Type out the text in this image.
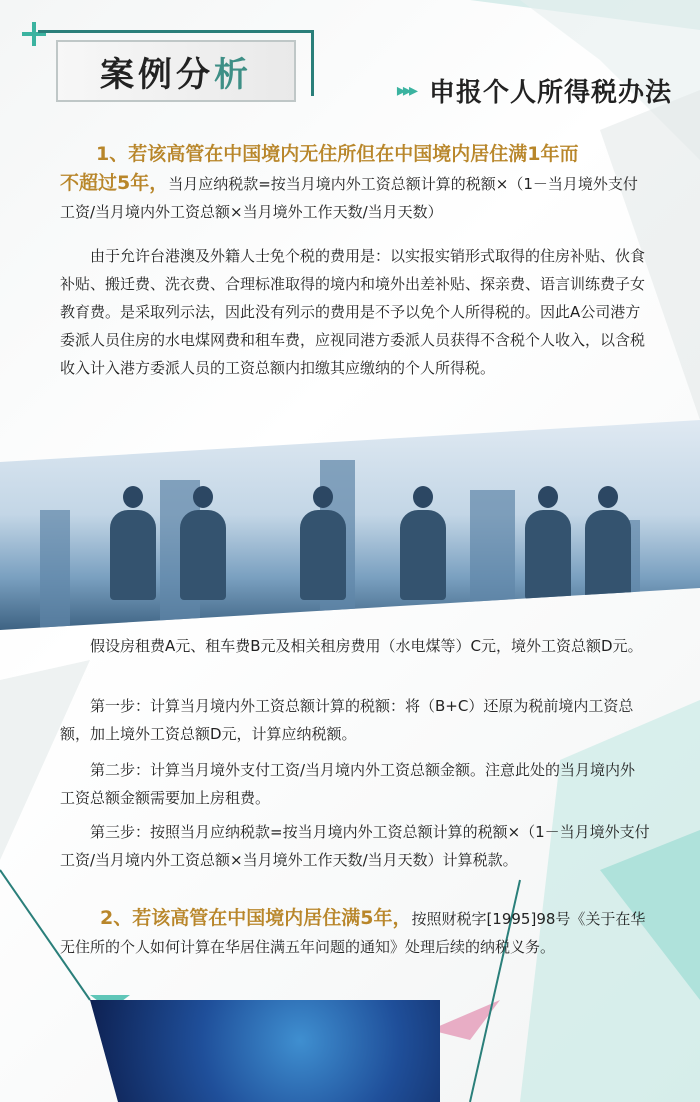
案例分析	▸▸▸ 申报个人所得税办法
1、若该高管在中国境内无住所但在中国境内居住满1年而
不超过5年，当月应纳税款=按当月境内外工资总额计算的税额×（1－当月境外支付工资/当月境内外工资总额×当月境外工作天数/当月天数）
由于允许台港澳及外籍人士免个税的费用是：以实报实销形式取得的住房补贴、伙食补贴、搬迁费、洗衣费、合理标准取得的境内和境外出差补贴、探亲费、语言训练费子女教育费。是采取列示法，因此没有列示的费用是不予以免个人所得税的。因此A公司港方委派人员住房的水电煤网费和租车费，应视同港方委派人员获得不含税个人收入，以含税收入计入港方委派人员的工资总额内扣缴其应缴纳的个人所得税。
假设房租费A元、租车费B元及相关租房费用（水电煤等）C元，境外工资总额D元。
第一步：计算当月境内外工资总额计算的税额：将（B+C）还原为税前境内工资总额，加上境外工资总额D元，计算应纳税额。
第二步：计算当月境外支付工资/当月境内外工资总额金额。注意此处的当月境内外工资总额金额需要加上房租费。
第三步：按照当月应纳税款=按当月境内外工资总额计算的税额×（1－当月境外支付工资/当月境内外工资总额×当月境外工作天数/当月天数）计算税款。
2、若该高管在中国境内居住满5年，按照财税字[1995]98号《关于在华无住所的个人如何计算在华居住满五年问题的通知》处理后续的纳税义务。
